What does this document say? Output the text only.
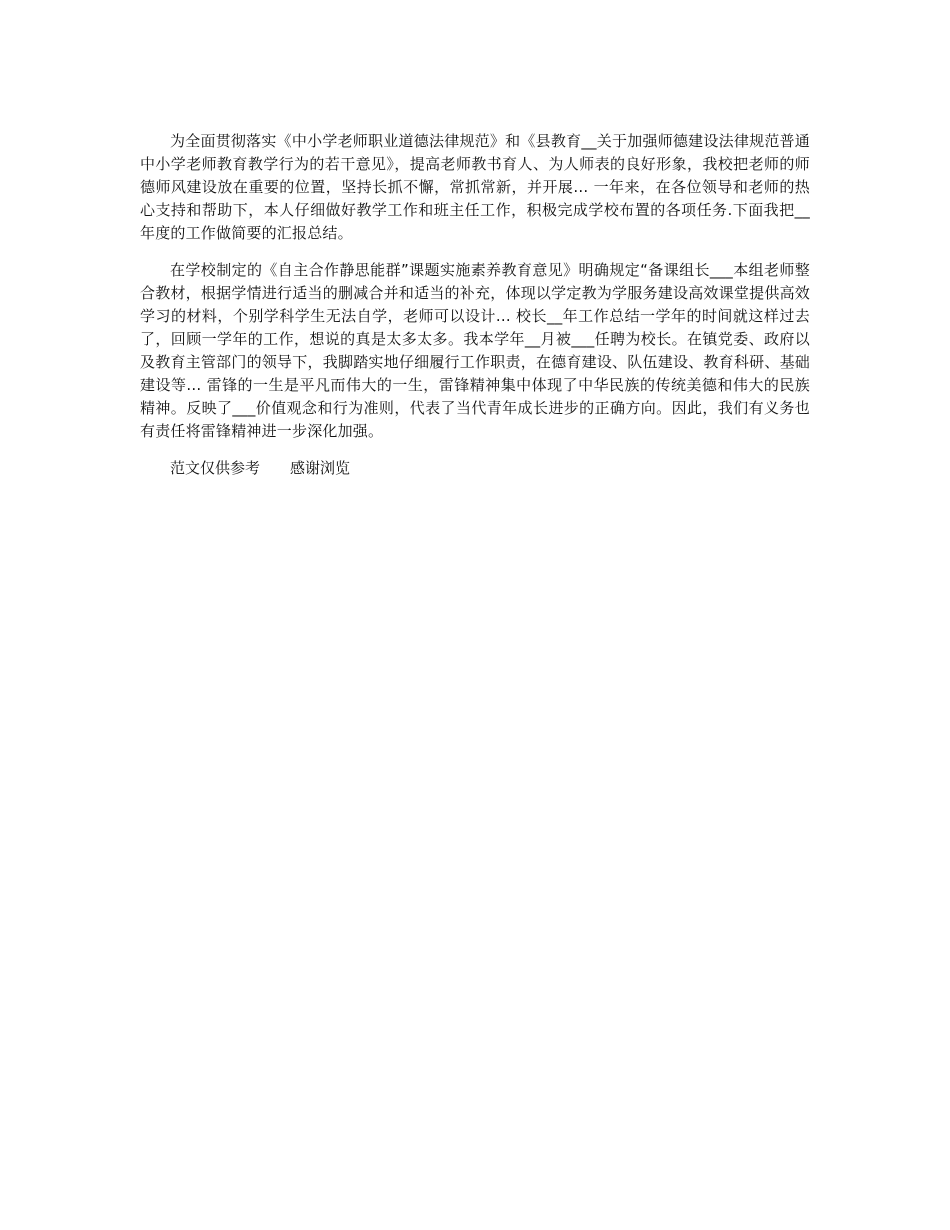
为全面贯彻落实《中小学老师职业道德法律规范》和《县教育__关于加强师德建设法律规范普通中小学老师教育教学行为的若干意见》，提高老师教书育人、为人师表的良好形象，我校把老师的师德师风建设放在重要的位置，坚持长抓不懈，常抓常新，并开展... 一年来，在各位领导和老师的热心支持和帮助下，本人仔细做好教学工作和班主任工作，积极完成学校布置的各项任务.下面我把__年度的工作做简要的汇报总结。

在学校制定的《自主合作静思能群”课题实施素养教育意见》明确规定“备课组长___本组老师整合教材，根据学情进行适当的删减合并和适当的补充，体现以学定教为学服务建设高效课堂提供高效学习的材料，个别学科学生无法自学，老师可以设计... 校长__年工作总结一学年的时间就这样过去了，回顾一学年的工作，想说的真是太多太多。我本学年__月被___任聘为校长。在镇党委、政府以及教育主管部门的领导下，我脚踏实地仔细履行工作职责，在德育建设、队伍建设、教育科研、基础建设等... 雷锋的一生是平凡而伟大的一生，雷锋精神集中体现了中华民族的传统美德和伟大的民族精神。反映了___价值观念和行为准则，代表了当代青年成长进步的正确方向。因此，我们有义务也有责任将雷锋精神进一步深化加强。

范文仅供参考 感谢浏览
